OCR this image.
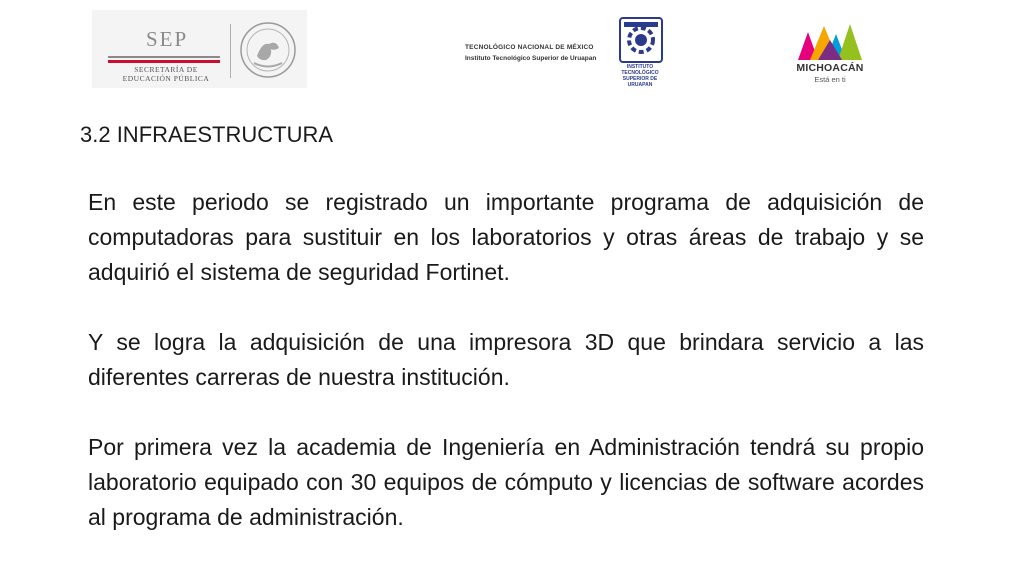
SEP
SECRETARÍA DE EDUCACIÓN PÚBLICA
TECNOLÓGICO NACIONAL DE MÉXICO
Instituto Tecnológico Superior de Uruapan
INSTITUTO TECNOLÓGICO SUPERIOR DE URUAPAN
MICHOACÁN
Está en ti
3.2 INFRAESTRUCTURA

En este periodo se registrado un importante programa de adquisición de computadoras para sustituir en los laboratorios y otras áreas de trabajo y se adquirió el sistema de seguridad Fortinet.

Y se logra la adquisición de una impresora 3D que brindara servicio a las diferentes carreras de nuestra institución.

Por primera vez la academia de Ingeniería en Administración tendrá su propio laboratorio equipado con 30 equipos de cómputo y licencias de software acordes al programa de administración.
